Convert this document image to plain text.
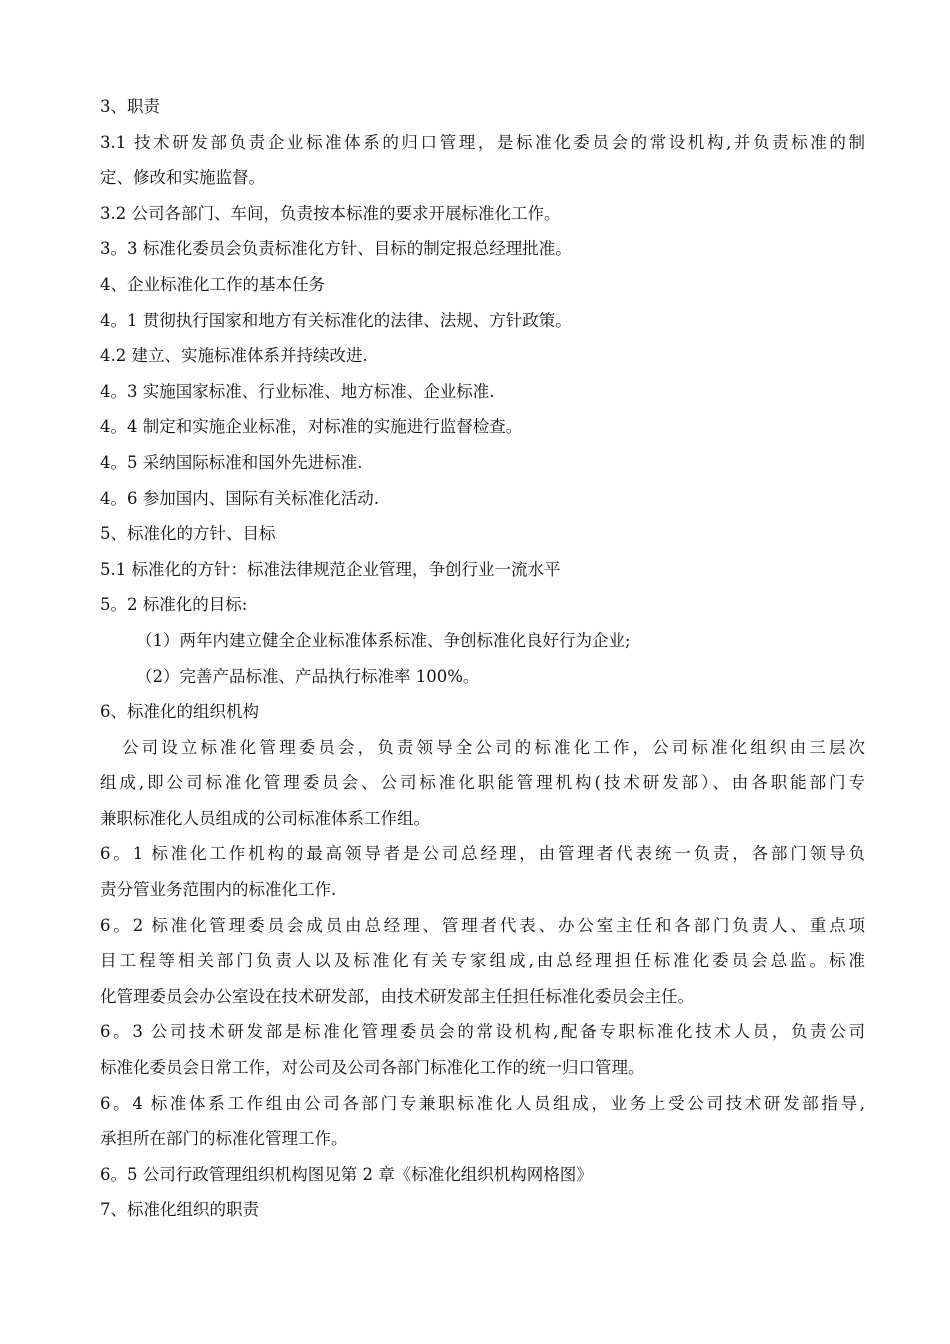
3、职责
3.1 技术研发部负责企业标准体系的归口管理，是标准化委员会的常设机构,并负责标准的制
定、修改和实施监督。
3.2 公司各部门、车间，负责按本标准的要求开展标准化工作。
3。3 标准化委员会负责标准化方针、目标的制定报总经理批准。
4、企业标准化工作的基本任务
4。1 贯彻执行国家和地方有关标准化的法律、法规、方针政策。
4.2 建立、实施标准体系并持续改进.
4。3 实施国家标准、行业标准、地方标准、企业标准.
4。4 制定和实施企业标准，对标准的实施进行监督检查。
4。5 采纳国际标准和国外先进标准.
4。6 参加国内、国际有关标准化活动.
5、标准化的方针、目标
5.1 标准化的方针：标准法律规范企业管理，争创行业一流水平
5。2 标准化的目标:
（1）两年内建立健全企业标准体系标准、争创标准化良好行为企业;
（2）完善产品标准、产品执行标准率 100%。
6、标准化的组织机构
公司设立标准化管理委员会，负责领导全公司的标准化工作，公司标准化组织由三层次
组成,即公司标准化管理委员会、公司标准化职能管理机构(技术研发部）、由各职能部门专
兼职标准化人员组成的公司标准体系工作组。
6。1 标准化工作机构的最高领导者是公司总经理，由管理者代表统一负责，各部门领导负
责分管业务范围内的标准化工作.
6。2 标准化管理委员会成员由总经理、管理者代表、办公室主任和各部门负责人、重点项
目工程等相关部门负责人以及标准化有关专家组成,由总经理担任标准化委员会总监。标准
化管理委员会办公室设在技术研发部，由技术研发部主任担任标准化委员会主任。
6。3 公司技术研发部是标准化管理委员会的常设机构,配备专职标准化技术人员，负责公司
标准化委员会日常工作，对公司及公司各部门标准化工作的统一归口管理。
6。4 标准体系工作组由公司各部门专兼职标准化人员组成，业务上受公司技术研发部指导,
承担所在部门的标准化管理工作。
6。5 公司行政管理组织机构图见第 2 章《标准化组织机构网格图》
7、标准化组织的职责
